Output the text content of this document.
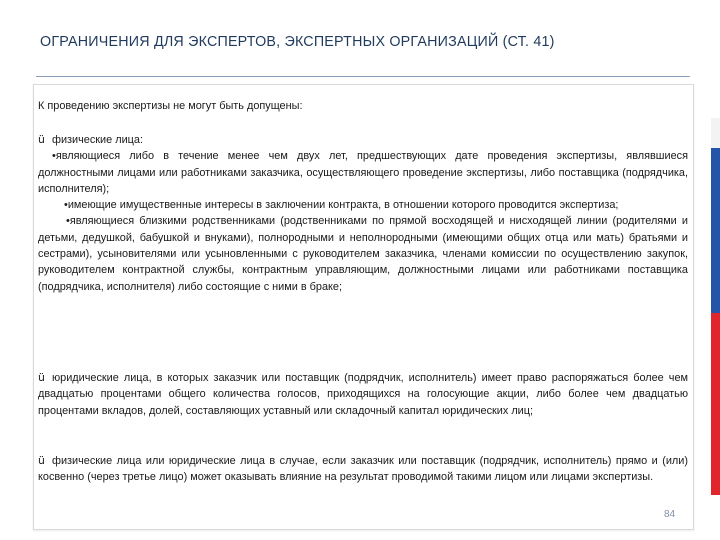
ОГРАНИЧЕНИЯ ДЛЯ ЭКСПЕРТОВ, ЭКСПЕРТНЫХ ОРГАНИЗАЦИЙ (СТ. 41)
К проведению экспертизы не могут быть допущены:
ü физические лица:
•являющиеся либо в течение менее чем двух лет, предшествующих дате проведения экспертизы, являвшиеся должностными лицами или работниками заказчика, осуществляющего проведение экспертизы, либо поставщика (подрядчика, исполнителя);
•имеющие имущественные интересы в заключении контракта, в отношении которого проводится экспертиза;
•являющиеся близкими родственниками (родственниками по прямой восходящей и нисходящей линии (родителями и детьми, дедушкой, бабушкой и внуками), полнородными и неполнородными (имеющими общих отца или мать) братьями и сестрами), усыновителями или усыновленными с руководителем заказчика, членами комиссии по осуществлению закупок, руководителем контрактной службы, контрактным управляющим, должностными лицами или работниками поставщика (подрядчика, исполнителя) либо состоящие с ними в браке;
ü юридические лица, в которых заказчик или поставщик (подрядчик, исполнитель) имеет право распоряжаться более чем двадцатью процентами общего количества голосов, приходящихся на голосующие акции, либо более чем двадцатью процентами вкладов, долей, составляющих уставный или складочный капитал юридических лиц;
ü физические лица или юридические лица в случае, если заказчик или поставщик (подрядчик, исполнитель) прямо и (или) косвенно (через третье лицо) может оказывать влияние на результат проводимой такими лицом или лицами экспертизы.
84
